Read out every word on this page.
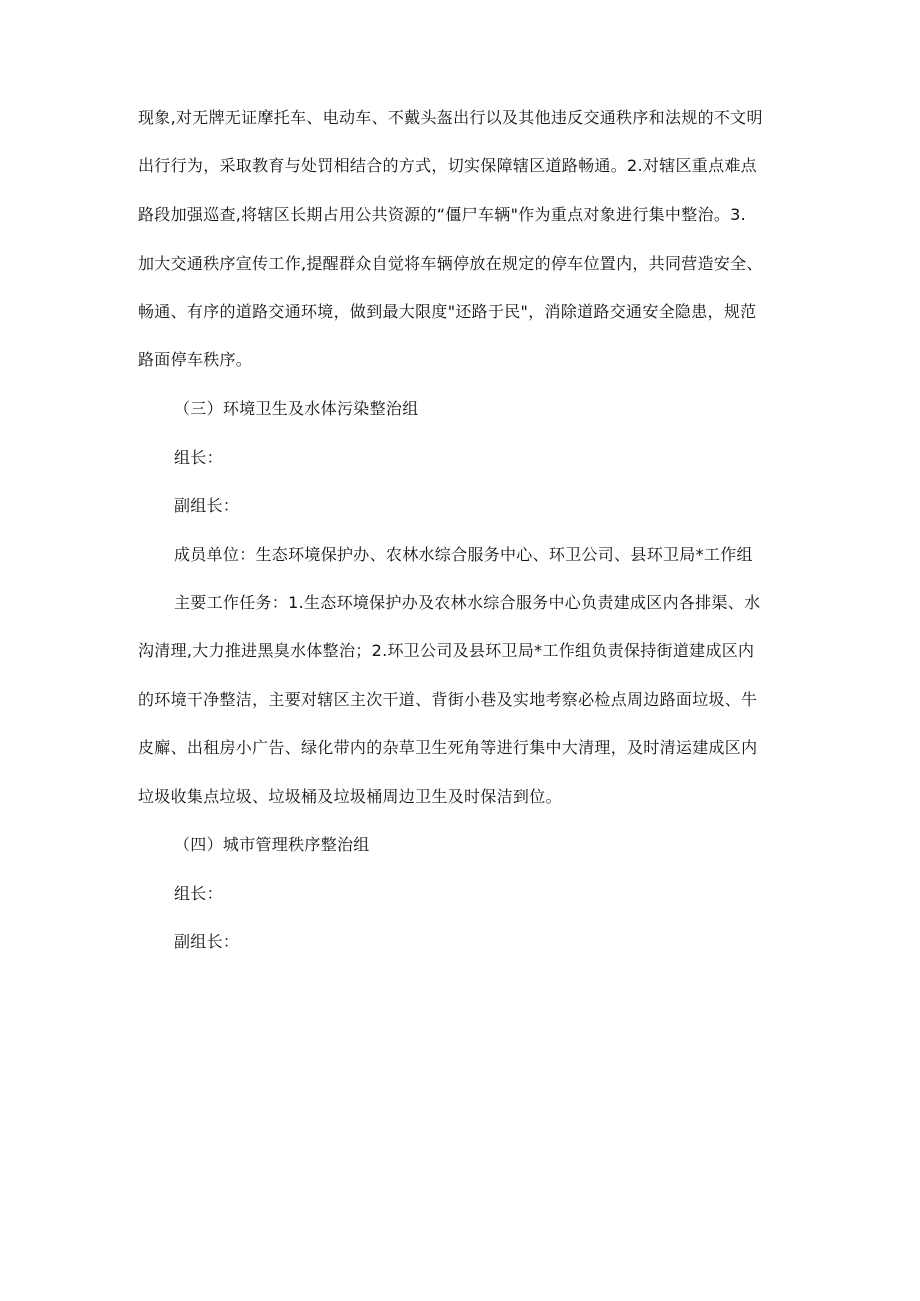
现象,对无牌无证摩托车、电动车、不戴头盔出行以及其他违反交通秩序和法规的不文明
出行行为，采取教育与处罚相结合的方式，切实保障辖区道路畅通。2.对辖区重点难点
路段加强巡查,将辖区长期占用公共资源的“僵尸车辆"作为重点对象进行集中整治。3.
加大交通秩序宣传工作,提醒群众自觉将车辆停放在规定的停车位置内，共同营造安全、
畅通、有序的道路交通环境，做到最大限度"还路于民"，消除道路交通安全隐患，规范
路面停车秩序。
（三）环境卫生及水体污染整治组
组长：
副组长：
成员单位：生态环境保护办、农林水综合服务中心、环卫公司、县环卫局*工作组
主要工作任务：1.生态环境保护办及农林水综合服务中心负责建成区内各排渠、水
沟清理,大力推进黑臭水体整治；2.环卫公司及县环卫局*工作组负责保持街道建成区内
的环境干净整洁，主要对辖区主次干道、背街小巷及实地考察必检点周边路面垃圾、牛
皮廨、出租房小广告、绿化带内的杂草卫生死角等进行集中大清理，及时清运建成区内
垃圾收集点垃圾、垃圾桶及垃圾桶周边卫生及时保洁到位。
（四）城市管理秩序整治组
组长：
副组长：
